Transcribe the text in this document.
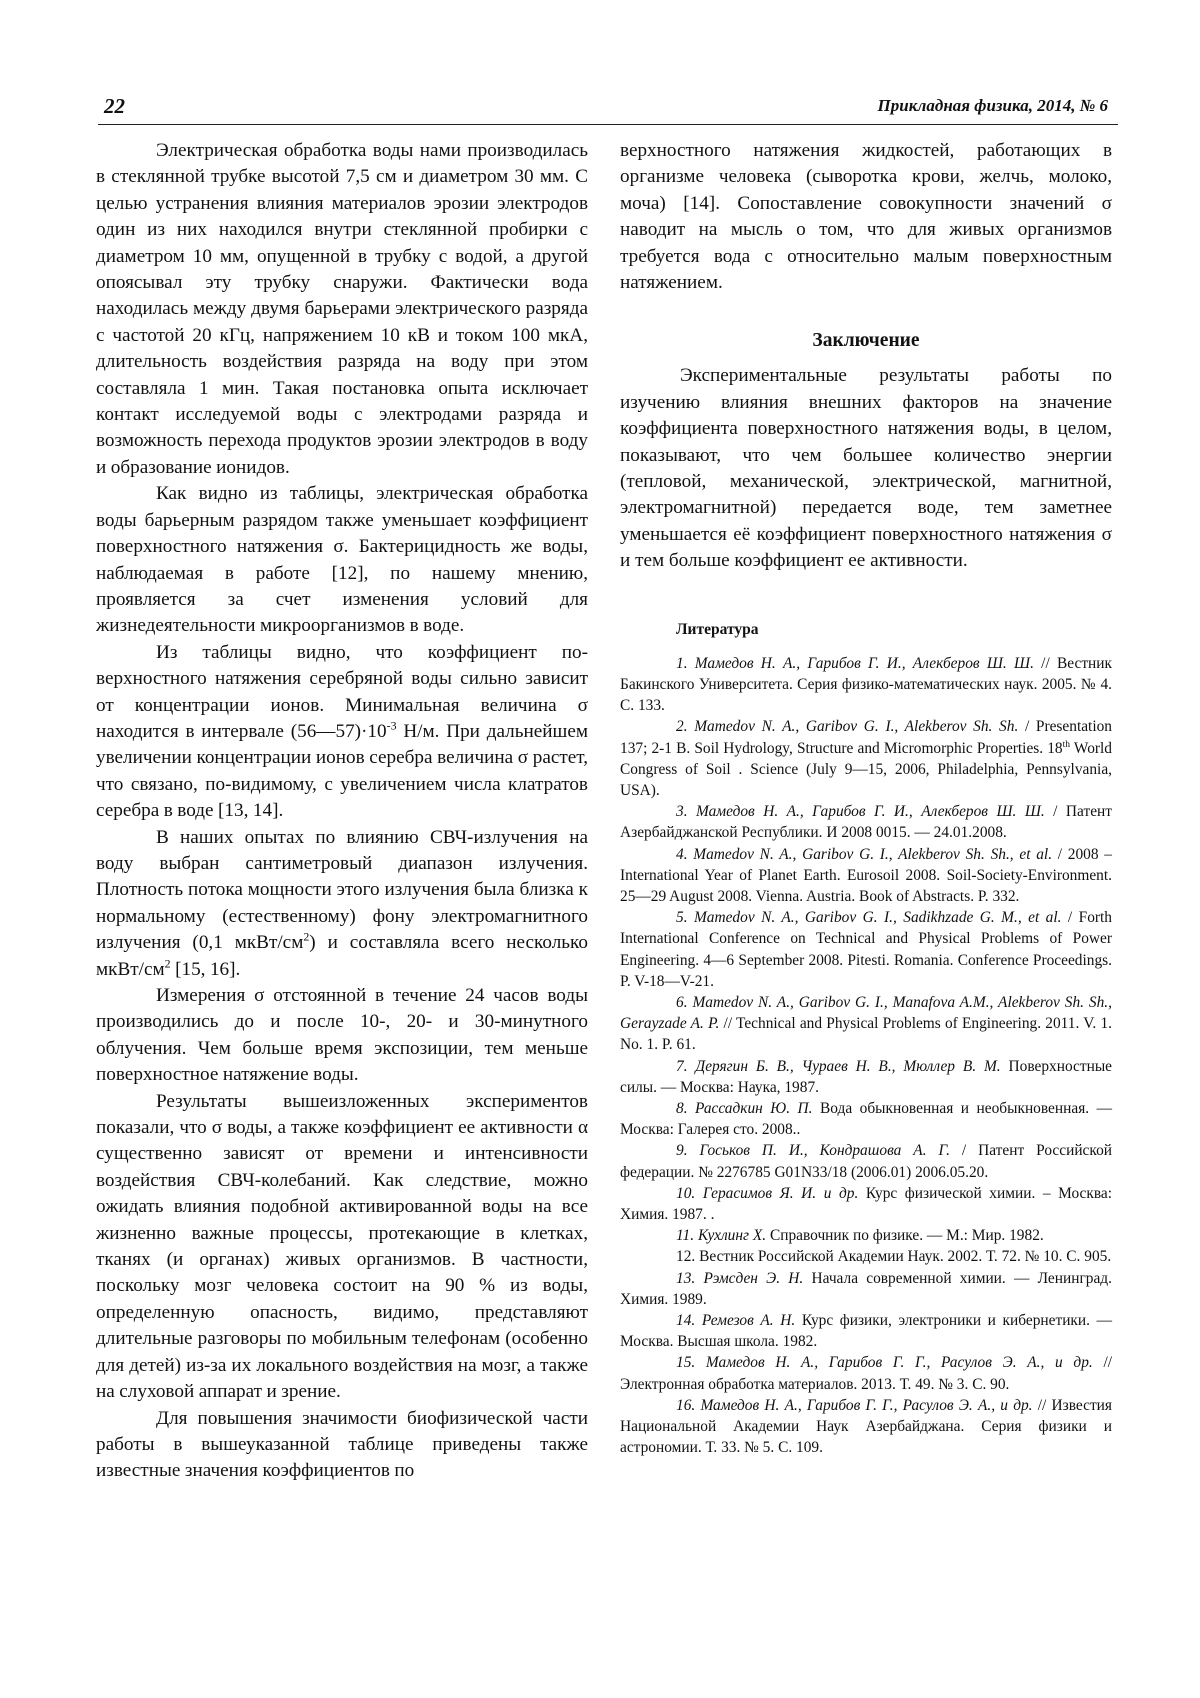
22	Прикладная физика, 2014, № 6

Электрическая обработка воды нами производилась в стеклянной трубке высотой 7,5 см и диаметром 30 мм. С целью устранения влияния материалов эрозии электродов один из них находился внутри стеклянной пробирки с диаметром 10 мм, опущенной в трубку с водой, а другой опоясывал эту трубку снаружи. Фактически вода находилась между двумя барьерами электрического разряда с частотой 20 кГц, напряжением 10 кВ и током 100 мкА, длительность воздействия разряда на воду при этом составляла 1 мин. Такая постановка опыта исключает контакт исследуемой воды с электродами разряда и возможность перехода продуктов эрозии электродов в воду и образование ионидов.

Как видно из таблицы, электрическая обработка воды барьерным разрядом также уменьшает коэффициент поверхностного натяжения σ. Бактерицидность же воды, наблюдаемая в работе [12], по нашему мнению, проявляется за счет изменения условий для жизнедеятельности микроорганизмов в воде.

Из таблицы видно, что коэффициент поверхностного натяжения серебряной воды сильно зависит от концентрации ионов. Минимальная величина σ находится в интервале $(56—57)\cdot 10^{-3}$ Н/м. При дальнейшем увеличении концентрации ионов серебра величина σ растет, что связано, по-видимому, с увеличением числа клатратов серебра в воде [13, 14].

В наших опытах по влиянию СВЧ-излучения на воду выбран сантиметровый диапазон излучения. Плотность потока мощности этого излучения была близка к нормальному (естественному) фону электромагнитного излучения (0,1 мкВт/$см^2$) и составляла всего несколько мкВт/$см^2$ [15, 16].

Измерения σ отстоянной в течение 24 часов воды производились до и после 10-, 20- и 30-минутного облучения. Чем больше время экспозиции, тем меньше поверхностное натяжение воды.

Результаты вышеизложенных экспериментов показали, что σ воды, а также коэффициент ее активности α существенно зависят от времени и интенсивности воздействия СВЧ-колебаний. Как следствие, можно ожидать влияния подобной активированной воды на все жизненно важные процессы, протекающие в клетках, тканях (и органах) живых организмов. В частности, поскольку мозг человека состоит на 90 % из воды, определенную опасность, видимо, представляют длительные разговоры по мобильным телефонам (особенно для детей) из-за их локального воздействия на мозг, а также на слуховой аппарат и зрение.

Для повышения значимости биофизической части работы в вышеуказанной таблице приведены также известные значения коэффициентов по

верхностного натяжения жидкостей, работающих в организме человека (сыворотка крови, желчь, молоко, моча) [14]. Сопоставление совокупности значений σ наводит на мысль о том, что для живых организмов требуется вода с относительно малым поверхностным натяжением.

Заключение

Экспериментальные результаты работы по изучению влияния внешних факторов на значение коэффициента поверхностного натяжения воды, в целом, показывают, что чем большее количество энергии (тепловой, механической, электрической, магнитной, электромагнитной) передается воде, тем заметнее уменьшается её коэффициент поверхностного натяжения σ и тем больше коэффициент ее активности.

Литература

1. Мамедов Н. А., Гарибов Г. И., Алекберов Ш. Ш. // Вестник Бакинского Университета. Серия физико-математических наук. 2005. № 4. С. 133.

2. Mamedov N. A., Garibov G. I., Alekberov Sh. Sh. / Presentation 137; 2-1 B. Soil Hydrology, Structure and Micromorphic Properties. 18th World Congress of Soil . Science (July 9—15, 2006, Philadelphia, Pennsylvania, USA).

3. Мамедов Н. А., Гарибов Г. И., Алекберов Ш. Ш. / Патент Азербайджанской Республики. И 2008 0015. — 24.01.2008.

4. Mamedov N. A., Garibov G. I., Alekberov Sh. Sh., et al. / 2008 – International Year of Planet Earth. Eurosoil 2008. Soil-Society-Environment. 25—29 August 2008. Vienna. Austria. Book of Abstracts. P. 332.

5. Mamedov N. A., Garibov G. I., Sadikhzade G. M., et al. / Forth International Conference on Technical and Physical Problems of Power Engineering. 4—6 September 2008. Pitesti. Romania. Conference Proceedings. P. V-18—V-21.

6. Mamedov N. A., Garibov G. I., Manafova A.M., Alekberov Sh. Sh., Gerayzade A. P. // Technical and Physical Problems of Engineering. 2011. V. 1. No. 1. P. 61.

7. Дерягин Б. В., Чураев Н. В., Мюллер В. М. Поверхностные силы. — Москва: Наука, 1987.

8. Рассадкин Ю. П. Вода обыкновенная и необыкновенная. — Москва: Галерея сто. 2008..

9. Госьков П. И., Кондрашова А. Г. / Патент Российской федерации. № 2276785 G01N33/18 (2006.01) 2006.05.20.

10. Герасимов Я. И. и др. Курс физической химии. – Москва: Химия. 1987. .

11. Кухлинг Х. Справочник по физике. — М.: Мир. 1982.

12. Вестник Российской Академии Наук. 2002. Т. 72. № 10. С. 905.

13. Рэмсден Э. Н. Начала современной химии. — Ленинград. Химия. 1989.

14. Ремезов А. Н. Курс физики, электроники и кибернетики. — Москва. Высшая школа. 1982.

15. Мамедов Н. А., Гарибов Г. Г., Расулов Э. А., и др. // Электронная обработка материалов. 2013. Т. 49. № 3. С. 90.

16. Мамедов Н. А., Гарибов Г. Г., Расулов Э. А., и др. // Известия Национальной Академии Наук Азербайджана. Серия физики и астрономии. Т. 33. № 5. С. 109.
